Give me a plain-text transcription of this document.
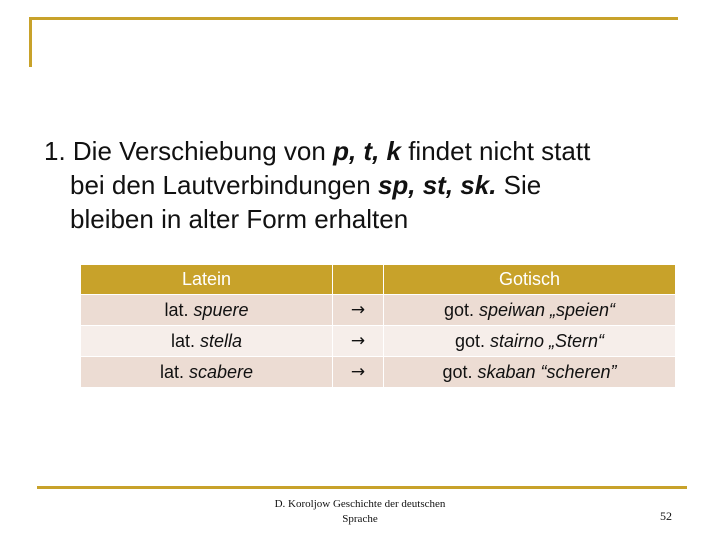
1. Die Verschiebung von p, t, k findet nicht statt
bei den Lautverbindungen sp, st, sk. Sie
bleiben in alter Form erhalten
Latein		Gotisch
lat. spuere	→	got. speiwan „speien“
lat. stella	→	got. stairno „Stern“
lat. scabere	→	got. skaban “scheren”
D. Koroljow Geschichte der deutschen
Sprache	52
